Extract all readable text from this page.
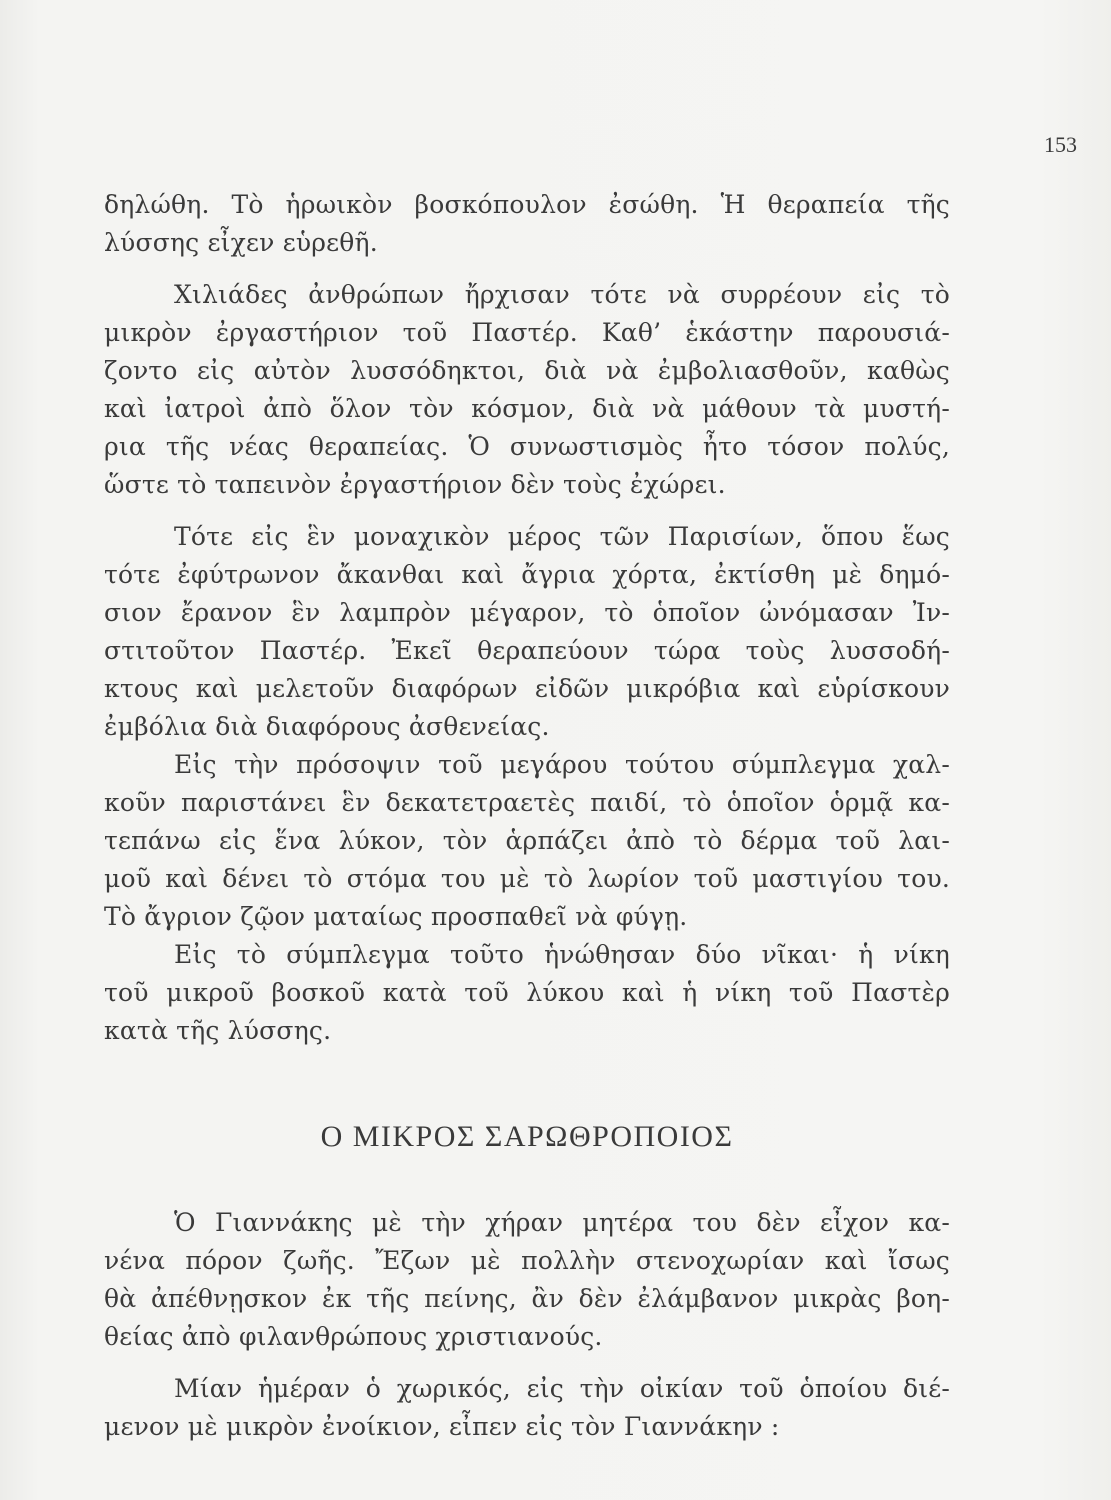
153
δηλώθη. Τὸ ἡρωικὸν βοσκόπουλον ἐσώθη. Ἡ θεραπεία τῆς
λύσσης εἶχεν εὑρεθῆ.
Χιλιάδες ἀνθρώπων ἤρχισαν τότε νὰ συρρέουν εἰς τὸ
μικρὸν ἐργαστήριον τοῦ Παστέρ. Καθ’ ἑκάστην παρουσιά-
ζοντο εἰς αὐτὸν λυσσόδηκτοι, διὰ νὰ ἐμβολιασθοῦν, καθὼς
καὶ ἰατροὶ ἀπὸ ὅλον τὸν κόσμον, διὰ νὰ μάθουν τὰ μυστή-
ρια τῆς νέας θεραπείας. Ὁ συνωστισμὸς ἦτο τόσον πολύς,
ὥστε τὸ ταπεινὸν ἐργαστήριον δὲν τοὺς ἐχώρει.
Τότε εἰς ἓν μοναχικὸν μέρος τῶν Παρισίων, ὅπου ἕως
τότε ἐφύτρωνον ἄκανθαι καὶ ἄγρια χόρτα, ἐκτίσθη μὲ δημό-
σιον ἔρανον ἓν λαμπρὸν μέγαρον, τὸ ὁποῖον ὠνόμασαν Ἰν-
στιτοῦτον Παστέρ. Ἐκεῖ θεραπεύουν τώρα τοὺς λυσσοδή-
κτους καὶ μελετοῦν διαφόρων εἰδῶν μικρόβια καὶ εὑρίσκουν
ἐμβόλια διὰ διαφόρους ἀσθενείας.
Εἰς τὴν πρόσοψιν τοῦ μεγάρου τούτου σύμπλεγμα χαλ-
κοῦν παριστάνει ἓν δεκατετραετὲς παιδί, τὸ ὁποῖον ὁρμᾷ κα-
τεπάνω εἰς ἕνα λύκον, τὸν ἁρπάζει ἀπὸ τὸ δέρμα τοῦ λαι-
μοῦ καὶ δένει τὸ στόμα του μὲ τὸ λωρίον τοῦ μαστιγίου του.
Τὸ ἄγριον ζῷον ματαίως προσπαθεῖ νὰ φύγῃ.
Εἰς τὸ σύμπλεγμα τοῦτο ἡνώθησαν δύο νῖκαι· ἡ νίκη
τοῦ μικροῦ βοσκοῦ κατὰ τοῦ λύκου καὶ ἡ νίκη τοῦ Παστὲρ
κατὰ τῆς λύσσης.
Ο ΜΙΚΡΟΣ ΣΑΡΩΘΡΟΠΟΙΟΣ
Ὁ Γιαννάκης μὲ τὴν χήραν μητέρα του δὲν εἶχον κα-
νένα πόρον ζωῆς. Ἔζων μὲ πολλὴν στενοχωρίαν καὶ ἴσως
θὰ ἀπέθνῃσκον ἐκ τῆς πείνης, ἂν δὲν ἐλάμβανον μικρὰς βοη-
θείας ἀπὸ φιλανθρώπους χριστιανούς.
Μίαν ἡμέραν ὁ χωρικός, εἰς τὴν οἰκίαν τοῦ ὁποίου διέ-
μενον μὲ μικρὸν ἐνοίκιον, εἶπεν εἰς τὸν Γιαννάκην :
